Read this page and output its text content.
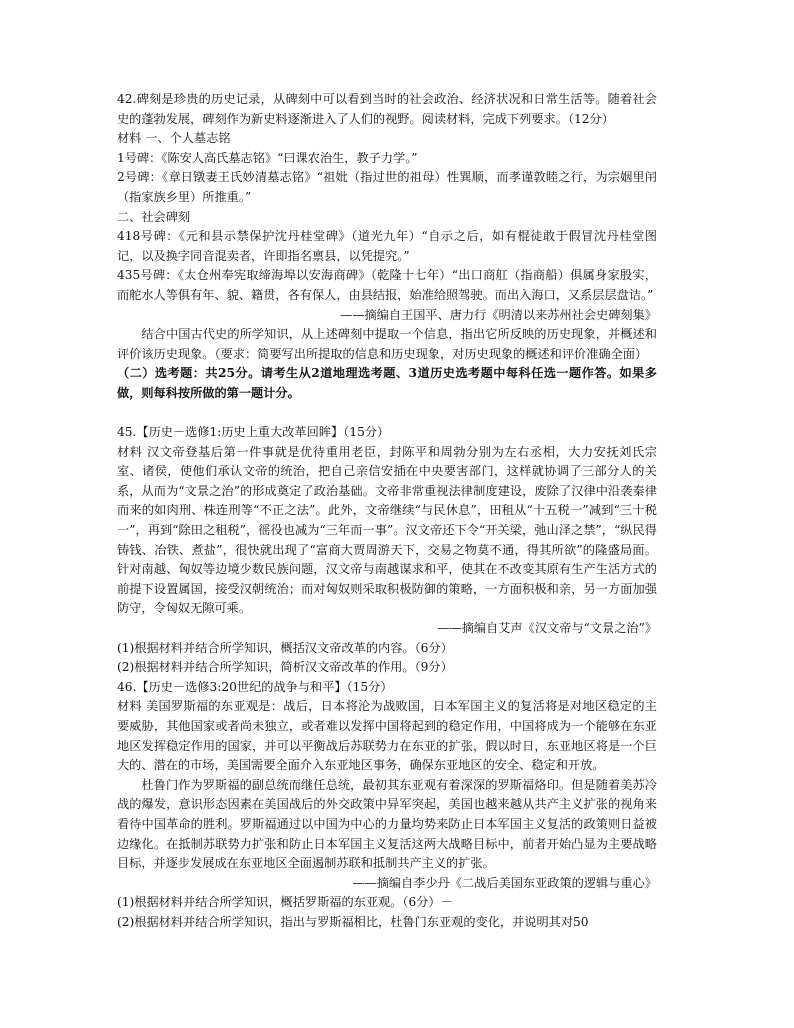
42.碑刻是珍贵的历史记录，从碑刻中可以看到当时的社会政治、经济状况和日常生活等。随着社会史的蓬勃发展，碑刻作为新史料逐渐进入了人们的视野。阅读材料，完成下列要求。（12分）

材料 一、个人墓志铭

1号碑：《陈安人高氏墓志铭》“曰课农治生，教子力学。”

2号碑：《章日镦妻王氏妙清墓志铭》“祖妣（指过世的祖母）性巽顺，而孝谨敦睦之行，为宗姻里闬（指家族乡里）所推重。”

二、社会碑刻

418号碑：《元和县示禁保护沈丹桂堂碑》（道光九年）“自示之后，如有棍徒敢于假冒沈丹桂堂图记，以及换字同音混卖者，许即指名禀县，以凭提究。”

435号碑：《太仓州奉宪取缔海埠以安海商碑》（乾隆十七年）“出口商舡（指商船）俱属身家殷实，而舵水人等俱有年、貌、籍贯，各有保人，由县结报，始准给照驾驶。而出入海口，又系层层盘诘。”

——摘编自王国平、唐力行《明清以来苏州社会史碑刻集》

结合中国古代史的所学知识，从上述碑刻中提取一个信息，指出它所反映的历史现象，并概述和评价该历史现象。（要求：简要写出所提取的信息和历史现象，对历史现象的概述和评价准确全面）

（二）选考题：共25分。请考生从2道地理选考题、3道历史选考题中每科任选一题作答。如果多做，则每科按所做的第一题计分。

45.【历史－选修1:历史上重大改革回眸】（15分）

材料 汉文帝登基后第一件事就是优待重用老臣，封陈平和周勃分别为左右丞相，大力安抚刘氏宗室、诸侯，使他们承认文帝的统治，把自己亲信安插在中央要害部门，这样就协调了三部分人的关系，从而为“文景之治”的形成奠定了政治基础。文帝非常重视法律制度建设，废除了汉律中沿袭秦律而来的如肉刑、株连刑等“不正之法”。此外，文帝继续“与民休息”，田租从“十五税一”减到“三十税一”，再到“除田之租税”，徭役也减为“三年而一事”。汉文帝还下令“开关梁，弛山泽之禁”，“纵民得铸钱、冶铁、煮盐”，很快就出现了“富商大贾周游天下，交易之物莫不通，得其所欲”的隆盛局面。针对南越、匈奴等边境少数民族问题，汉文帝与南越谋求和平，使其在不改变其原有生产生活方式的前提下设置属国，接受汉朝统治；而对匈奴则采取积极防御的策略，一方面积极和亲，另一方面加强防守，令匈奴无隙可乘。

——摘编自艾声《汉文帝与“文景之治”》

(1)根据材料并结合所学知识，概括汉文帝改革的内容。（6分）

(2)根据材料并结合所学知识，简析汉文帝改革的作用。（9分）

46.【历史－选修3:20世纪的战争与和平】（15分）

材料 美国罗斯福的东亚观是：战后，日本将沦为战败国，日本军国主义的复活将是对地区稳定的主要威胁，其他国家或者尚未独立，或者难以发挥中国将起到的稳定作用，中国将成为一个能够在东亚地区发挥稳定作用的国家，并可以平衡战后苏联势力在东亚的扩张，假以时日，东亚地区将是一个巨大的、潜在的市场，美国需要全面介入东亚地区事务，确保东亚地区的安全、稳定和开放。

杜鲁门作为罗斯福的副总统而继任总统，最初其东亚观有着深深的罗斯福烙印。但是随着美苏冷战的爆发，意识形态因素在美国战后的外交政策中异军突起，美国也越来越从共产主义扩张的视角来看待中国革命的胜利。罗斯福通过以中国为中心的力量均势来防止日本军国主义复活的政策则日益被边缘化。在抵制苏联势力扩张和防止日本军国主义复活这两大战略目标中，前者开始凸显为主要战略目标，并逐步发展成在东亚地区全面遏制苏联和抵制共产主义的扩张。

——摘编自李少丹《二战后美国东亚政策的逻辑与重心》

(1)根据材料并结合所学知识，概括罗斯福的东亚观。（6分）－

(2)根据材料并结合所学知识，指出与罗斯福相比，杜鲁门东亚观的变化，并说明其对50
